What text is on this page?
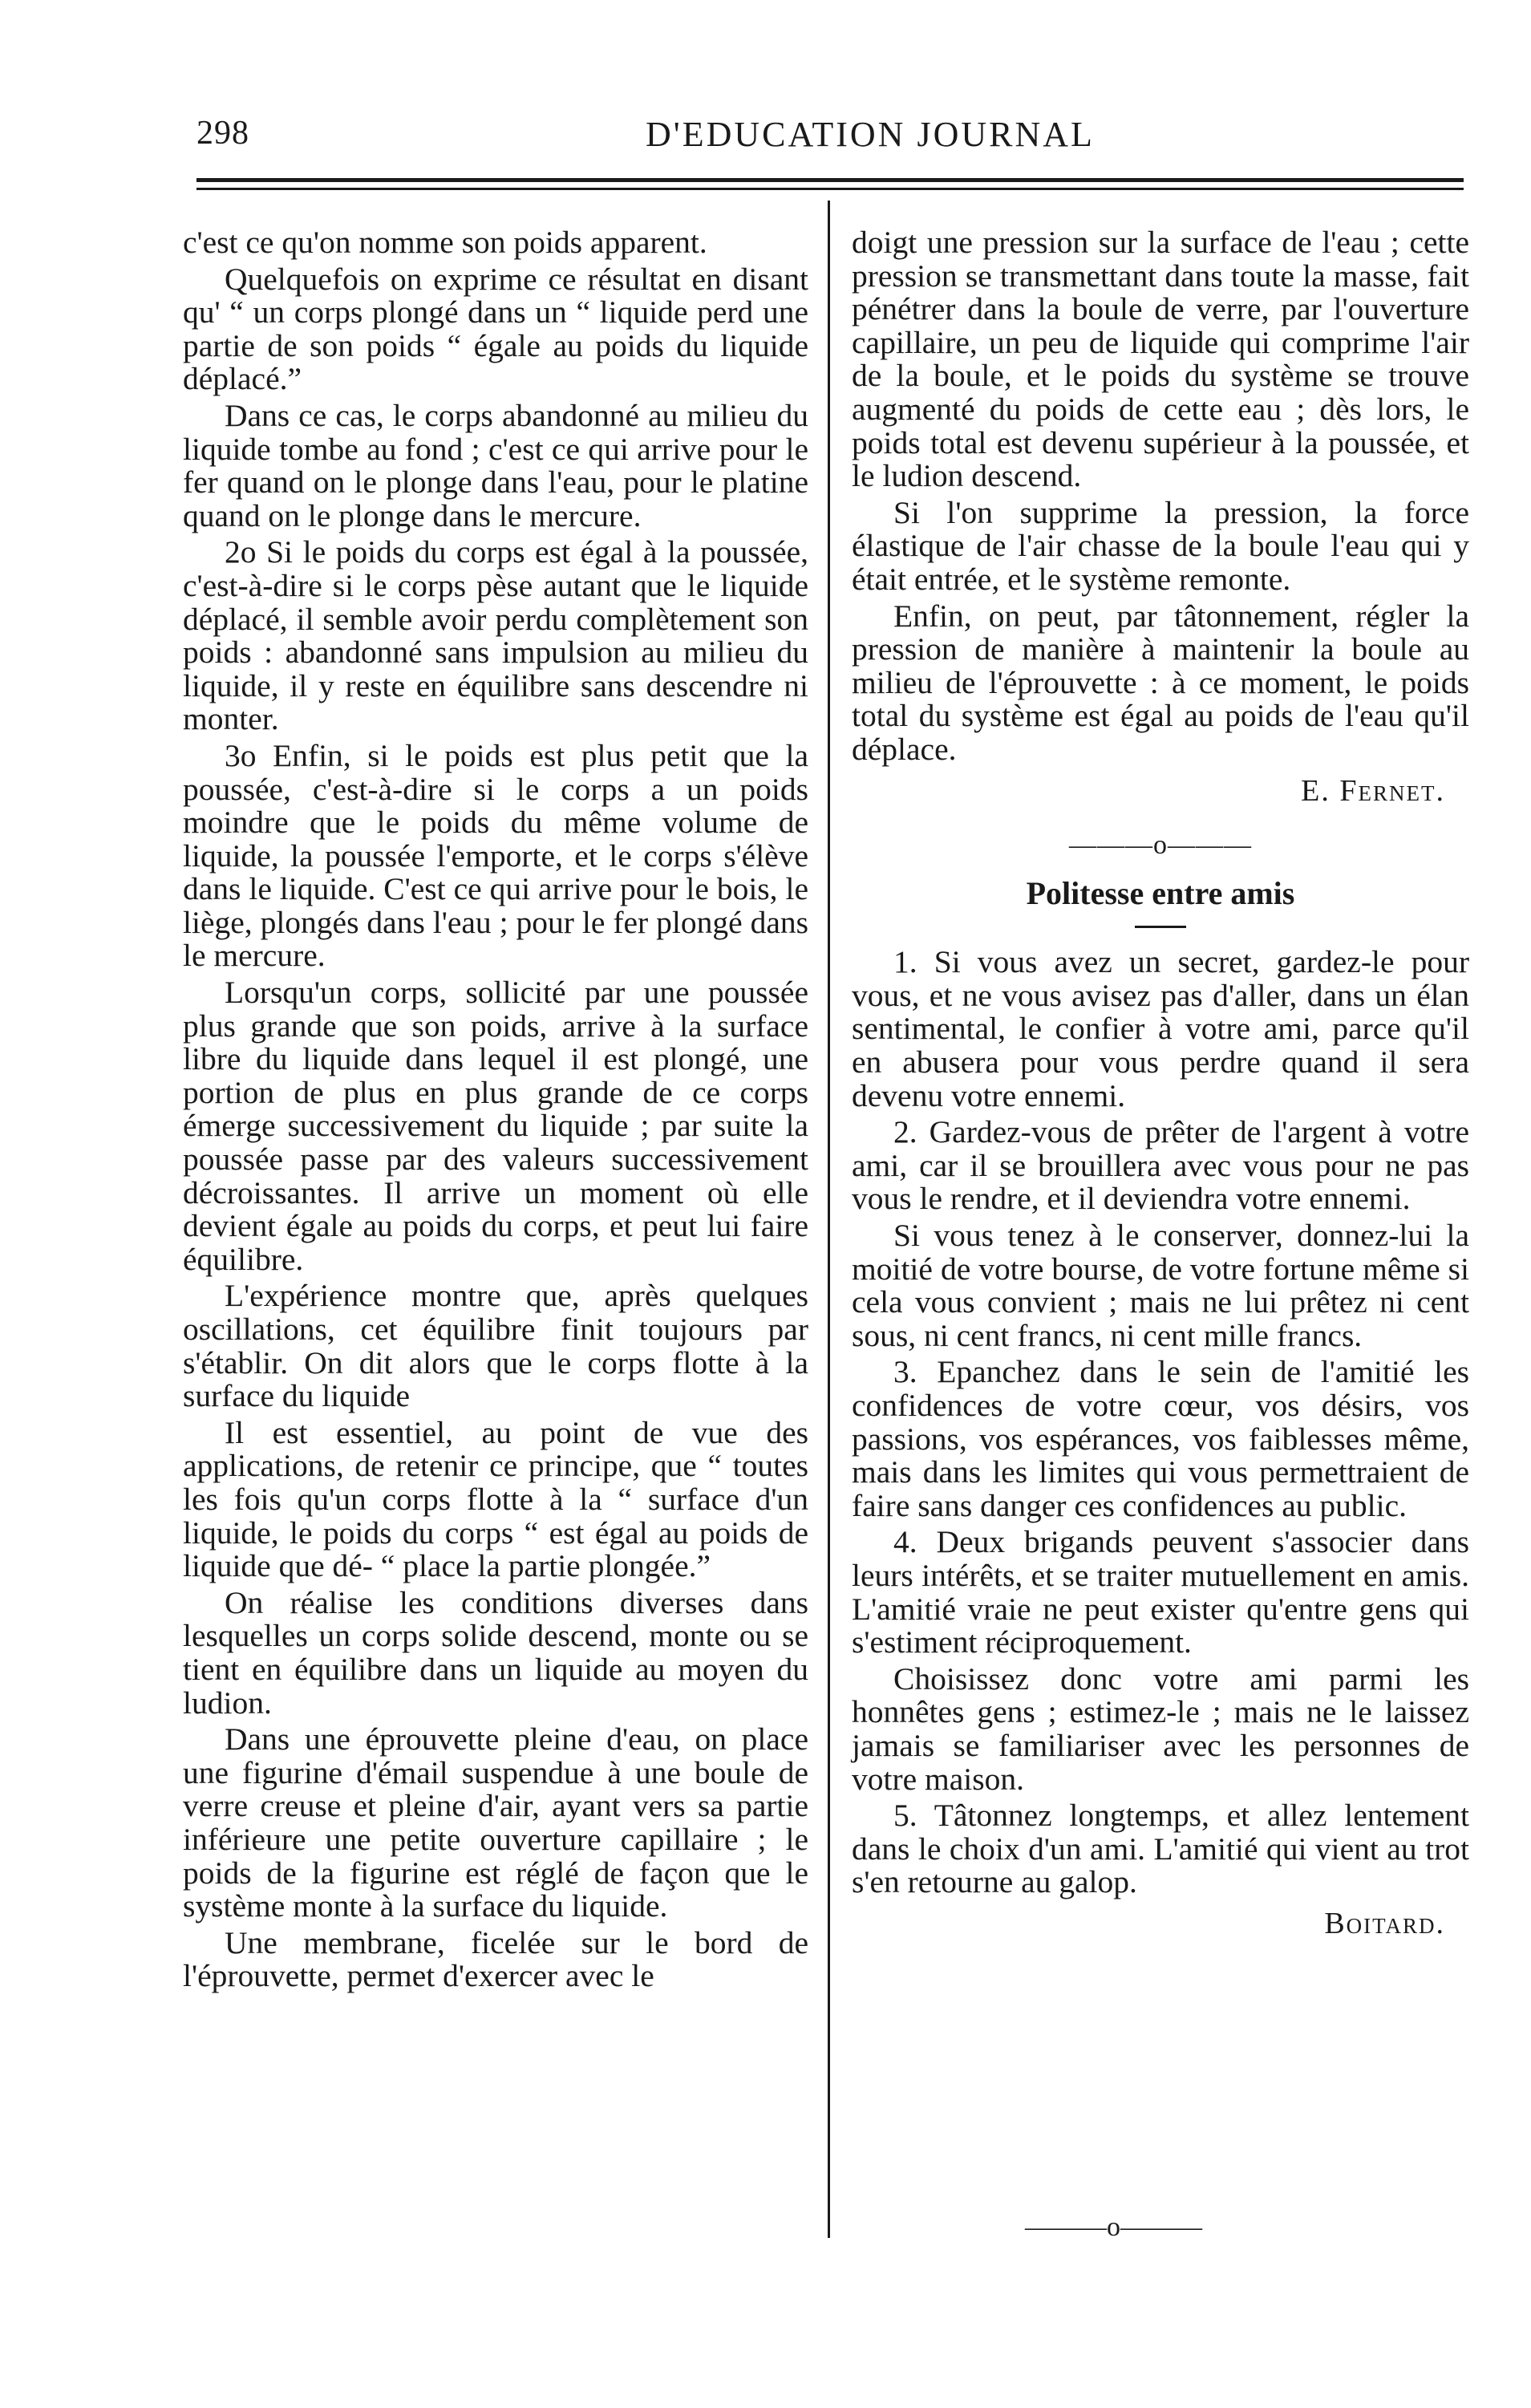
298	D'EDUCATION JOURNAL

c'est ce qu'on nomme son poids apparent.

Quelquefois on exprime ce résultat en disant qu' “ un corps plongé dans un “ liquide perd une partie de son poids “ égale au poids du liquide déplacé.”

Dans ce cas, le corps abandonné au milieu du liquide tombe au fond ; c'est ce qui arrive pour le fer quand on le plonge dans l'eau, pour le platine quand on le plonge dans le mercure.

2o Si le poids du corps est égal à la poussée, c'est-à-dire si le corps pèse autant que le liquide déplacé, il semble avoir perdu complètement son poids : abandonné sans impulsion au milieu du liquide, il y reste en équilibre sans descendre ni monter.

3o Enfin, si le poids est plus petit que la poussée, c'est-à-dire si le corps a un poids moindre que le poids du même volume de liquide, la poussée l'emporte, et le corps s'élève dans le liquide. C'est ce qui arrive pour le bois, le liège, plongés dans l'eau ; pour le fer plongé dans le mercure.

Lorsqu'un corps, sollicité par une poussée plus grande que son poids, arrive à la surface libre du liquide dans lequel il est plongé, une portion de plus en plus grande de ce corps émerge successivement du liquide ; par suite la poussée passe par des valeurs successivement décroissantes. Il arrive un moment où elle devient égale au poids du corps, et peut lui faire équilibre.

L'expérience montre que, après quelques oscillations, cet équilibre finit toujours par s'établir. On dit alors que le corps flotte à la surface du liquide

Il est essentiel, au point de vue des applications, de retenir ce principe, que “ toutes les fois qu'un corps flotte à la “ surface d'un liquide, le poids du corps “ est égal au poids de liquide que dé- “ place la partie plongée.”

On réalise les conditions diverses dans lesquelles un corps solide descend, monte ou se tient en équilibre dans un liquide au moyen du ludion.

Dans une éprouvette pleine d'eau, on place une figurine d'émail suspendue à une boule de verre creuse et pleine d'air, ayant vers sa partie inférieure une petite ouverture capillaire ; le poids de la figurine est réglé de façon que le système monte à la surface du liquide.

Une membrane, ficelée sur le bord de l'éprouvette, permet d'exercer avec le

doigt une pression sur la surface de l'eau ; cette pression se transmettant dans toute la masse, fait pénétrer dans la boule de verre, par l'ouverture capillaire, un peu de liquide qui comprime l'air de la boule, et le poids du système se trouve augmenté du poids de cette eau ; dès lors, le poids total est devenu supérieur à la poussée, et le ludion descend.

Si l'on supprime la pression, la force élastique de l'air chasse de la boule l'eau qui y était entrée, et le système remonte.

Enfin, on peut, par tâtonnement, régler la pression de manière à maintenir la boule au milieu de l'éprouvette : à ce moment, le poids total du système est égal au poids de l'eau qu'il déplace.

E. Fernet.
———o———
Politesse entre amis

1. Si vous avez un secret, gardez-le pour vous, et ne vous avisez pas d'aller, dans un élan sentimental, le confier à votre ami, parce qu'il en abusera pour vous perdre quand il sera devenu votre ennemi.

2. Gardez-vous de prêter de l'argent à votre ami, car il se brouillera avec vous pour ne pas vous le rendre, et il deviendra votre ennemi.

Si vous tenez à le conserver, donnez-lui la moitié de votre bourse, de votre fortune même si cela vous convient ; mais ne lui prêtez ni cent sous, ni cent francs, ni cent mille francs.

3. Epanchez dans le sein de l'amitié les confidences de votre cœur, vos désirs, vos passions, vos espérances, vos faiblesses même, mais dans les limites qui vous permettraient de faire sans danger ces confidences au public.

4. Deux brigands peuvent s'associer dans leurs intérêts, et se traiter mutuellement en amis. L'amitié vraie ne peut exister qu'entre gens qui s'estiment réciproquement.

Choisissez donc votre ami parmi les honnêtes gens ; estimez-le ; mais ne le laissez jamais se familiariser avec les personnes de votre maison.

5. Tâtonnez longtemps, et allez lentement dans le choix d'un ami. L'amitié qui vient au trot s'en retourne au galop.

Boitard.
———o———
